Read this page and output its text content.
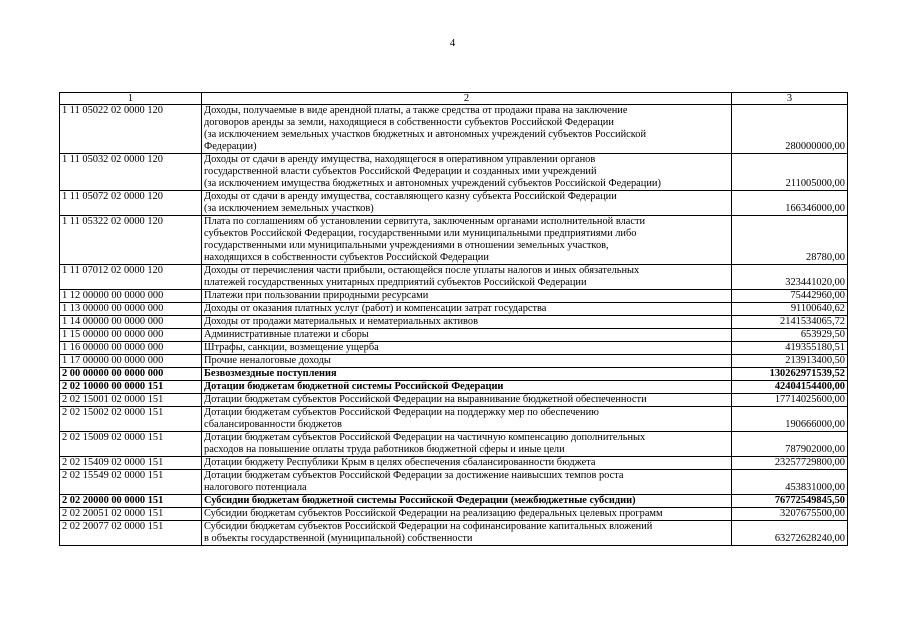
4
1	2	3
1 11 05022 02 0000 120	Доходы, получаемые в виде арендной платы, а также средства от продажи права на заключение
договоров аренды за земли, находящиеся в собственности субъектов Российской Федерации
(за исключением земельных участков бюджетных и автономных учреждений субъектов Российской
Федерации)	280000000,00
1 11 05032 02 0000 120	Доходы от сдачи в аренду имущества, находящегося в оперативном управлении органов
государственной власти субъектов Российской Федерации и созданных ими учреждений
(за исключением имущества бюджетных и автономных учреждений субъектов Российской Федерации)	211005000,00
1 11 05072 02 0000 120	Доходы от сдачи в аренду имущества, составляющего казну субъекта Российской Федерации
(за исключением земельных участков)	166346000,00
1 11 05322 02 0000 120	Плата по соглашениям об установлении сервитута, заключенным органами исполнительной власти
субъектов Российской Федерации, государственными или муниципальными предприятиями либо
государственными или муниципальными учреждениями в отношении земельных участков,
находящихся в собственности субъектов Российской Федерации	28780,00
1 11 07012 02 0000 120	Доходы от перечисления части прибыли, остающейся после уплаты налогов и иных обязательных
платежей государственных унитарных предприятий субъектов Российской Федерации	323441020,00
1 12 00000 00 0000 000	Платежи при пользовании природными ресурсами	75442960,00
1 13 00000 00 0000 000	Доходы от оказания платных услуг (работ) и компенсации затрат государства	91100640,62
1 14 00000 00 0000 000	Доходы от продажи материальных и нематериальных активов	2141534065,72
1 15 00000 00 0000 000	Административные платежи и сборы	653929,50
1 16 00000 00 0000 000	Штрафы, санкции, возмещение ущерба	419355180,51
1 17 00000 00 0000 000	Прочие неналоговые доходы	213913400,50
2 00 00000 00 0000 000	Безвозмездные поступления	130262971539,52
2 02 10000 00 0000 151	Дотации бюджетам бюджетной системы Российской Федерации	42404154400,00
2 02 15001 02 0000 151	Дотации бюджетам субъектов Российской Федерации на выравнивание бюджетной обеспеченности	17714025600,00
2 02 15002 02 0000 151	Дотации бюджетам субъектов Российской Федерации на поддержку мер по обеспечению
сбалансированности бюджетов	190666000,00
2 02 15009 02 0000 151	Дотации бюджетам субъектов Российской Федерации на частичную компенсацию дополнительных
расходов на повышение оплаты труда работников бюджетной сферы и иные цели	787902000,00
2 02 15409 02 0000 151	Дотации бюджету Республики Крым в целях обеспечения сбалансированности бюджета	23257729800,00
2 02 15549 02 0000 151	Дотации бюджетам субъектов Российской Федерации за достижение наивысших темпов роста
налогового потенциала	453831000,00
2 02 20000 00 0000 151	Субсидии бюджетам бюджетной системы Российской Федерации (межбюджетные субсидии)	76772549845,50
2 02 20051 02 0000 151	Субсидии бюджетам субъектов Российской Федерации на реализацию федеральных целевых программ	3207675500,00
2 02 20077 02 0000 151	Субсидии бюджетам субъектов Российской Федерации на софинансирование капитальных вложений
в объекты государственной (муниципальной) собственности	63272628240,00
